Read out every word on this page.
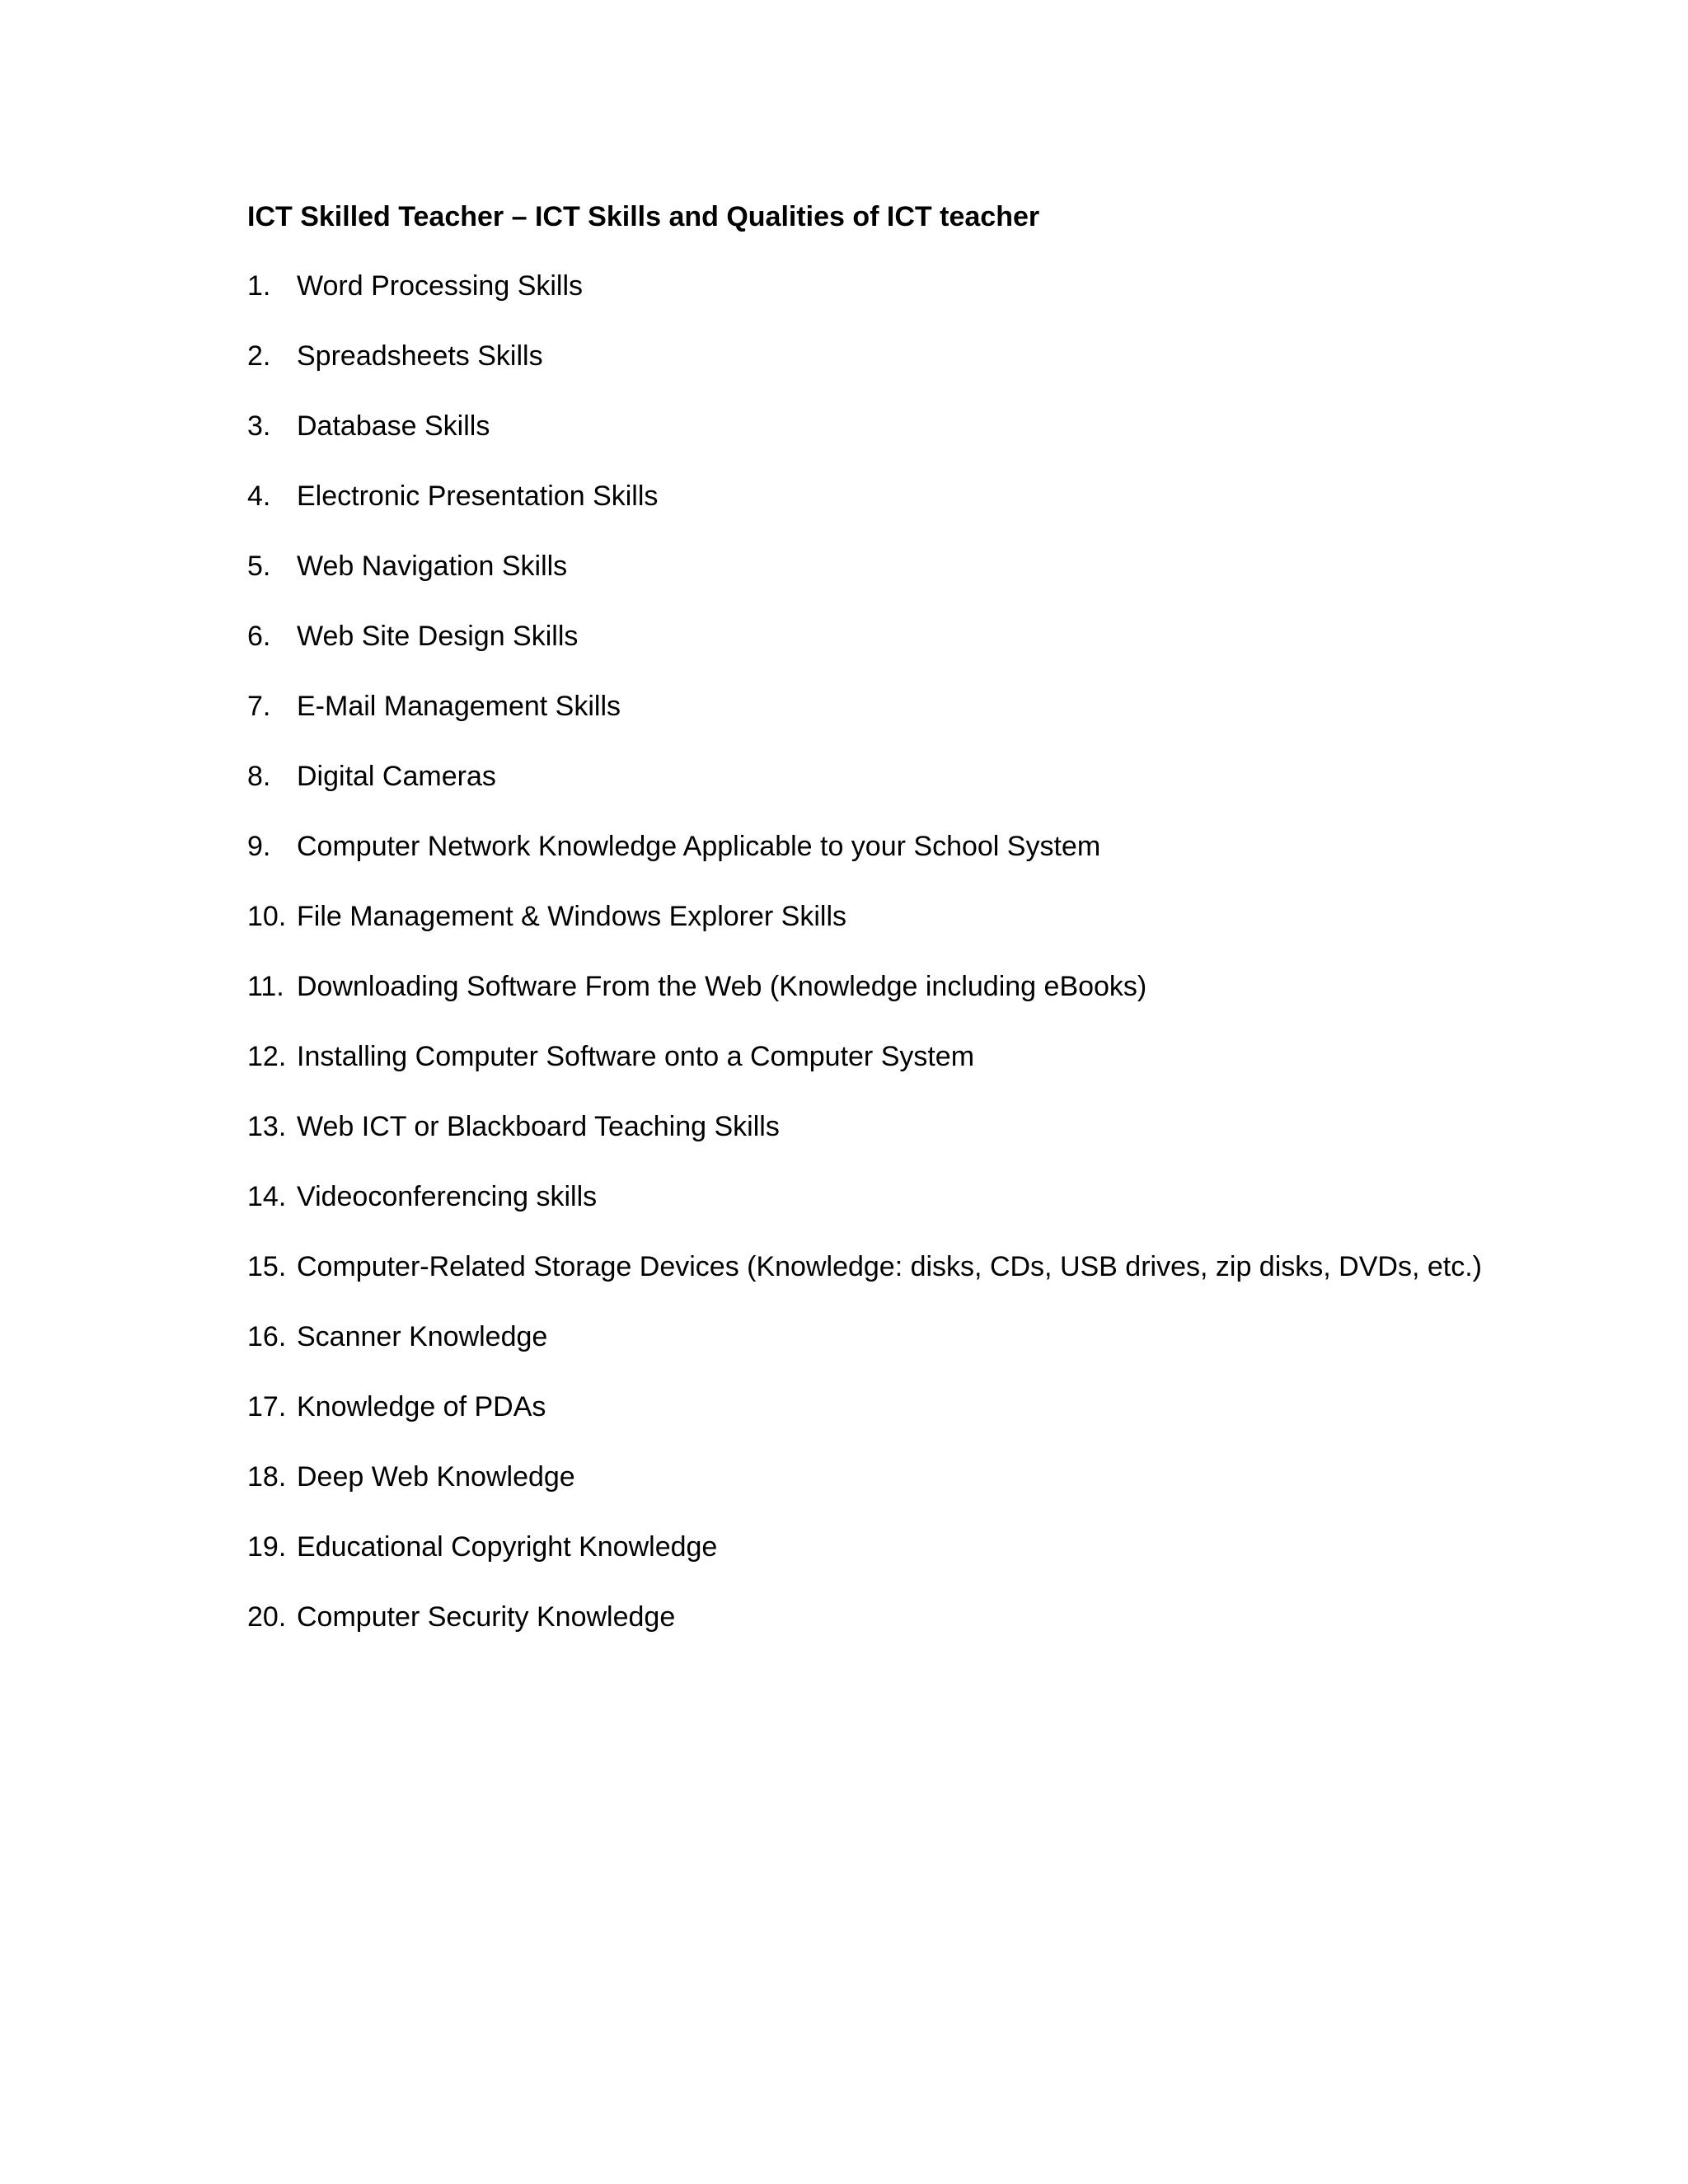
ICT Skilled Teacher – ICT Skills and Qualities of ICT teacher
1. Word Processing Skills
2. Spreadsheets Skills
3. Database Skills
4. Electronic Presentation Skills
5. Web Navigation Skills
6. Web Site Design Skills
7. E-Mail Management Skills
8. Digital Cameras
9. Computer Network Knowledge Applicable to your School System
10. File Management & Windows Explorer Skills
11. Downloading Software From the Web (Knowledge including eBooks)
12. Installing Computer Software onto a Computer System
13. Web ICT or Blackboard Teaching Skills
14. Videoconferencing skills
15. Computer-Related Storage Devices (Knowledge: disks, CDs, USB drives, zip disks, DVDs, etc.)
16. Scanner Knowledge
17. Knowledge of PDAs
18. Deep Web Knowledge
19. Educational Copyright Knowledge
20. Computer Security Knowledge
